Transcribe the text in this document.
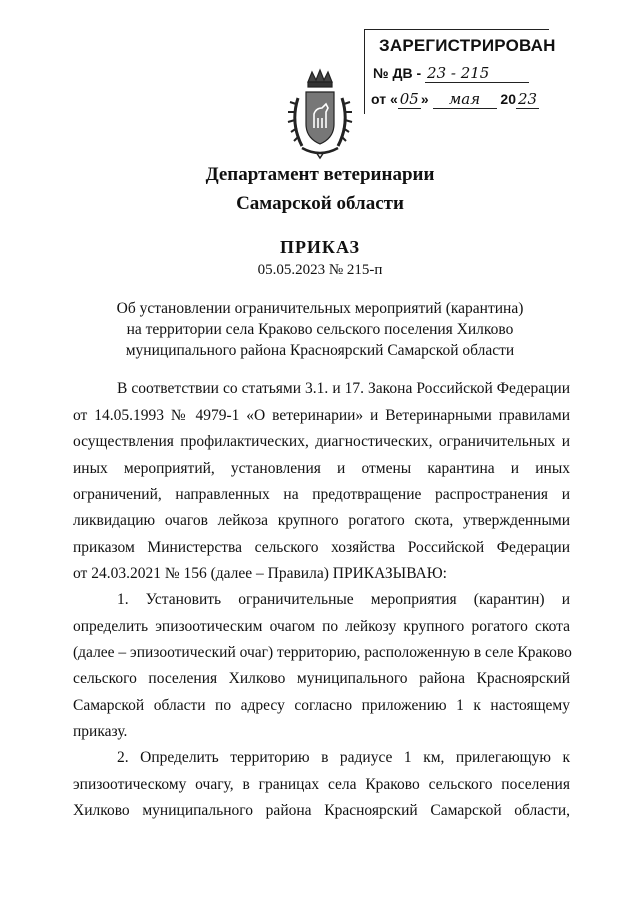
ЗАРЕГИСТРИРОВАН
№ ДВ - 23 - 215
от « 05 » мая 20 23
Департамент ветеринарии
Самарской области
ПРИКАЗ
05.05.2023 № 215-п
Об установлении ограничительных мероприятий (карантина)
на территории села Краково сельского поселения Хилково
муниципального района Красноярский Самарской области
В соответствии со статьями 3.1. и 17. Закона Российской Федерации
от 14.05.1993 № 4979-1 «О ветеринарии» и Ветеринарными правилами
осуществления профилактических, диагностических, ограничительных и
иных мероприятий, установления и отмены карантина и иных
ограничений, направленных на предотвращение распространения и
ликвидацию очагов лейкоза крупного рогатого скота, утвержденными
приказом Министерства сельского хозяйства Российской Федерации
от 24.03.2021 № 156 (далее – Правила) ПРИКАЗЫВАЮ:
1. Установить ограничительные мероприятия (карантин) и
определить эпизоотическим очагом по лейкозу крупного рогатого скота
(далее – эпизоотический очаг) территорию, расположенную в селе Краково
сельского поселения Хилково муниципального района Красноярский
Самарской области по адресу согласно приложению 1 к настоящему
приказу.
2. Определить территорию в радиусе 1 км, прилегающую к
эпизоотическому очагу, в границах села Краково сельского поселения
Хилково муниципального района Красноярский Самарской области,
